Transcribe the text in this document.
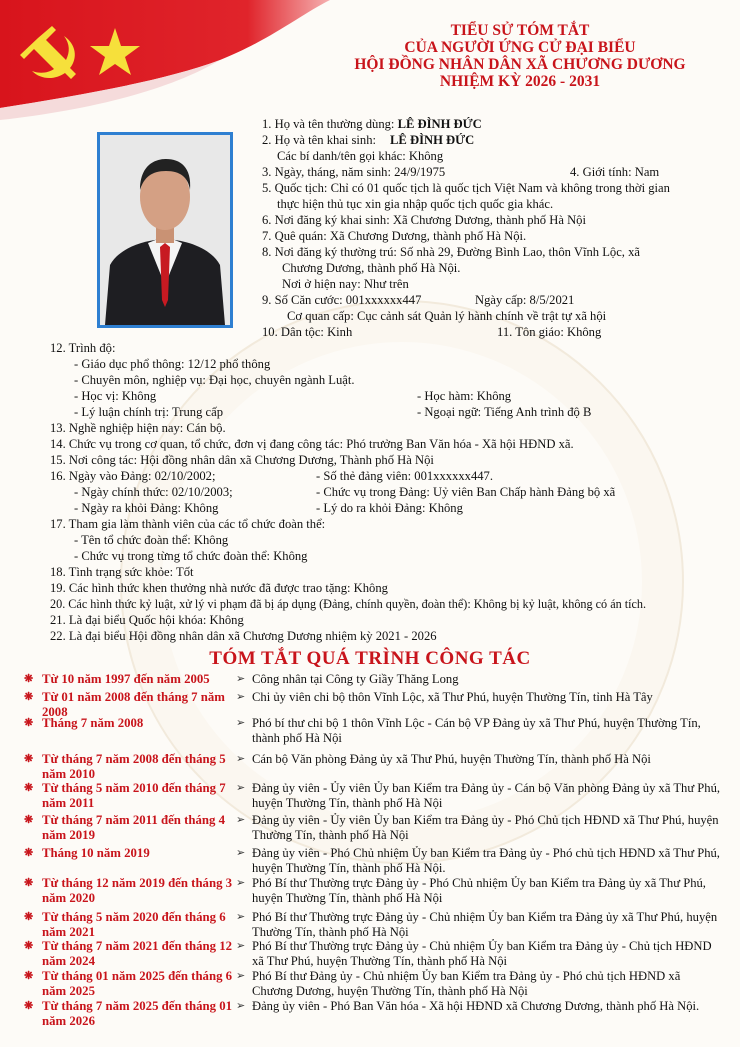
TIỂU SỬ TÓM TẮT
CỦA NGƯỜI ỨNG CỬ ĐẠI BIỂU
HỘI ĐỒNG NHÂN DÂN XÃ CHƯƠNG DƯƠNG
NHIỆM KỲ 2026 - 2031
1. Họ và tên thường dùng: LÊ ĐÌNH ĐỨC
2. Họ và tên khai sinh: LÊ ĐÌNH ĐỨC
Các bí danh/tên gọi khác: Không
3. Ngày, tháng, năm sinh: 24/9/1975	4. Giới tính: Nam
5. Quốc tịch: Chỉ có 01 quốc tịch là quốc tịch Việt Nam và không trong thời gian
thực hiện thủ tục xin gia nhập quốc tịch quốc gia khác.
6. Nơi đăng ký khai sinh: Xã Chương Dương, thành phố Hà Nội
7. Quê quán: Xã Chương Dương, thành phố Hà Nội.
8. Nơi đăng ký thường trú: Số nhà 29, Đường Bình Lao, thôn Vĩnh Lộc, xã
Chương Dương, thành phố Hà Nội.
Nơi ở hiện nay: Như trên
9. Số Căn cước: 001xxxxxx447	Ngày cấp: 8/5/2021
Cơ quan cấp: Cục cảnh sát Quản lý hành chính về trật tự xã hội
10. Dân tộc: Kinh	11. Tôn giáo: Không
12. Trình độ:
- Giáo dục phổ thông: 12/12 phổ thông
- Chuyên môn, nghiệp vụ: Đại học, chuyên ngành Luật.
- Học vị: Không	- Học hàm: Không
- Lý luận chính trị: Trung cấp	- Ngoại ngữ: Tiếng Anh trình độ B
13. Nghề nghiệp hiện nay: Cán bộ.
14. Chức vụ trong cơ quan, tổ chức, đơn vị đang công tác: Phó trưởng Ban Văn hóa - Xã hội HĐND xã.
15. Nơi công tác: Hội đồng nhân dân xã Chương Dương, Thành phố Hà Nội
16. Ngày vào Đảng: 02/10/2002;	- Số thẻ đảng viên: 001xxxxxx447.
- Ngày chính thức: 02/10/2003;	- Chức vụ trong Đảng: Uỷ viên Ban Chấp hành Đảng bộ xã
- Ngày ra khỏi Đảng: Không	- Lý do ra khỏi Đảng: Không
17. Tham gia làm thành viên của các tổ chức đoàn thể:
- Tên tổ chức đoàn thể: Không
- Chức vụ trong từng tổ chức đoàn thể: Không
18. Tình trạng sức khỏe: Tốt
19. Các hình thức khen thưởng nhà nước đã được trao tặng: Không
20. Các hình thức kỷ luật, xử lý vi phạm đã bị áp dụng (Đảng, chính quyền, đoàn thể): Không bị kỷ luật, không có án tích.
21. Là đại biểu Quốc hội khóa: Không
22. Là đại biểu Hội đồng nhân dân xã Chương Dương nhiệm kỳ 2021 - 2026
TÓM TẮT QUÁ TRÌNH CÔNG TÁC
❋ Từ 10 năm 1997 đến năm 2005	➢ Công nhân tại Công ty Giầy Thăng Long
❋ Từ 01 năm 2008 đến tháng 7 năm 2008
➢ Chi ủy viên chi bộ thôn Vĩnh Lộc, xã Thư Phú, huyện Thường Tín, tỉnh Hà Tây
❋ Tháng 7 năm 2008	➢ Phó bí thư chi bộ 1 thôn Vĩnh Lộc - Cán bộ VP Đảng ủy xã Thư Phú, huyện Thường Tín, thành phố Hà Nội
❋ Từ tháng 7 năm 2008 đến tháng 5 năm 2010
➢ Cán bộ Văn phòng Đảng ủy xã Thư Phú, huyện Thường Tín, thành phố Hà Nội
❋ Từ tháng 5 năm 2010 đến tháng 7 năm 2011
➢ Đảng ủy viên - Ủy viên Ủy ban Kiểm tra Đảng ủy - Cán bộ Văn phòng Đảng ủy xã Thư Phú, huyện Thường Tín, thành phố Hà Nội
❋ Từ tháng 7 năm 2011 đến tháng 4 năm 2019
➢ Đảng ủy viên - Ủy viên Ủy ban Kiểm tra Đảng ủy - Phó Chủ tịch HĐND xã Thư Phú, huyện Thường Tín, thành phố Hà Nội
❋ Tháng 10 năm 2019	➢ Đảng ủy viên - Phó Chủ nhiệm Ủy ban Kiểm tra Đảng ủy - Phó chủ tịch HĐND xã Thư Phú, huyện Thường Tín, thành phố Hà Nội.
❋ Từ tháng 12 năm 2019 đến tháng 3 năm 2020
➢ Phó Bí thư Thường trực Đảng ủy - Phó Chủ nhiệm Ủy ban Kiểm tra Đảng ủy xã Thư Phú, huyện Thường Tín, thành phố Hà Nội
❋ Từ tháng 5 năm 2020 đến tháng 6 năm 2021
➢ Phó Bí thư Thường trực Đảng ủy - Chủ nhiệm Ủy ban Kiểm tra Đảng ủy xã Thư Phú, huyện Thường Tín, thành phố Hà Nội
❋ Từ tháng 7 năm 2021 đến tháng 12 năm 2024
➢ Phó Bí thư Thường trực Đảng ủy - Chủ nhiệm Ủy ban Kiểm tra Đảng ủy - Chủ tịch HĐND xã Thư Phú, huyện Thường Tín, thành phố Hà Nội
❋ Từ tháng 01 năm 2025 đến tháng 6 năm 2025
➢ Phó Bí thư Đảng ủy - Chủ nhiệm Ủy ban Kiểm tra Đảng ủy - Phó chủ tịch HĐND xã Chương Dương, huyện Thường Tín, thành phố Hà Nội
❋ Từ tháng 7 năm 2025 đến tháng 01 năm 2026
➢ Đảng ủy viên - Phó Ban Văn hóa - Xã hội HĐND xã Chương Dương, thành phố Hà Nội.
